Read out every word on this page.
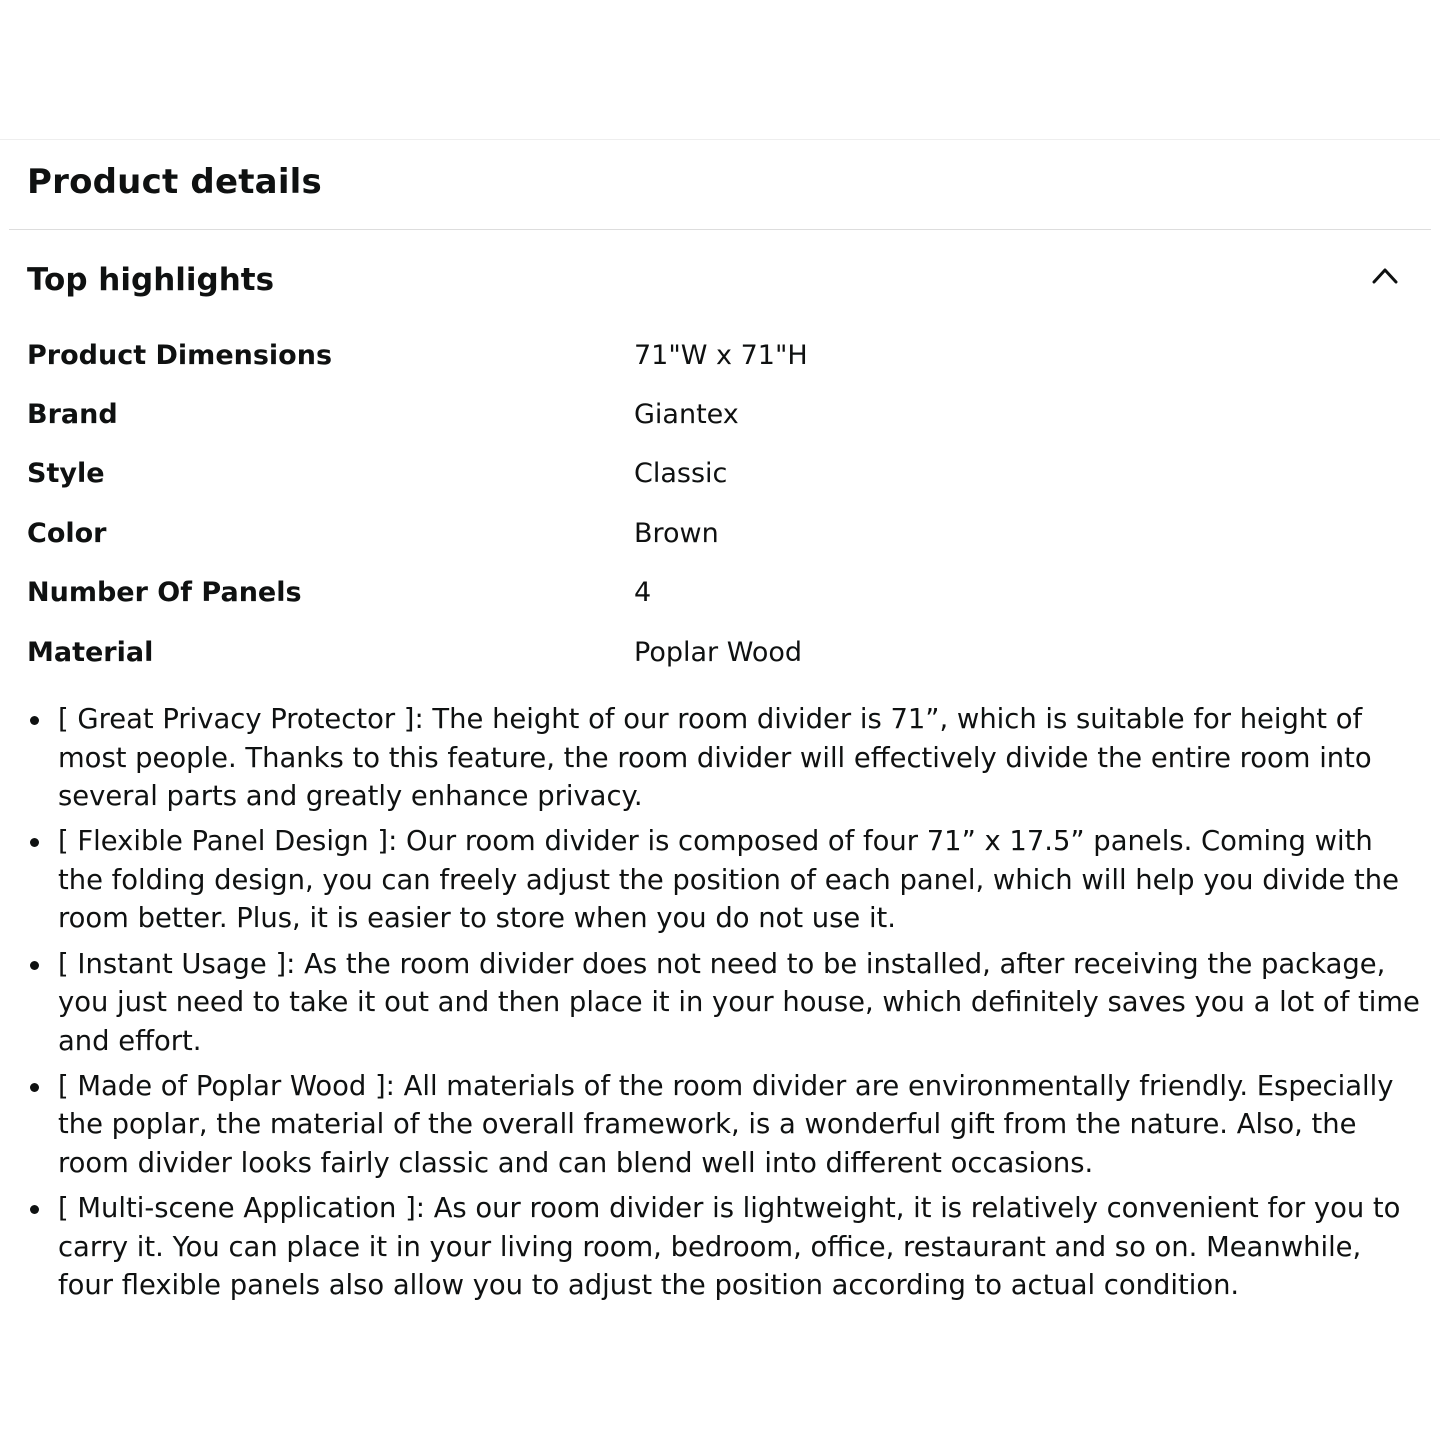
Product details
Top highlights
Product Dimensions	71"W x 71"H
Brand	Giantex
Style	Classic
Color	Brown
Number Of Panels	4
Material	Poplar Wood
[ Great Privacy Protector ]: The height of our room divider is 71”, which is suitable for height of most people. Thanks to this feature, the room divider will effectively divide the entire room into several parts and greatly enhance privacy.
[ Flexible Panel Design ]: Our room divider is composed of four 71” x 17.5” panels. Coming with the folding design, you can freely adjust the position of each panel, which will help you divide the room better. Plus, it is easier to store when you do not use it.
[ Instant Usage ]: As the room divider does not need to be installed, after receiving the package, you just need to take it out and then place it in your house, which definitely saves you a lot of time and effort.
[ Made of Poplar Wood ]: All materials of the room divider are environmentally friendly. Especially the poplar, the material of the overall framework, is a wonderful gift from the nature. Also, the room divider looks fairly classic and can blend well into different occasions.
[ Multi-scene Application ]: As our room divider is lightweight, it is relatively convenient for you to carry it. You can place it in your living room, bedroom, office, restaurant and so on. Meanwhile, four flexible panels also allow you to adjust the position according to actual condition.
